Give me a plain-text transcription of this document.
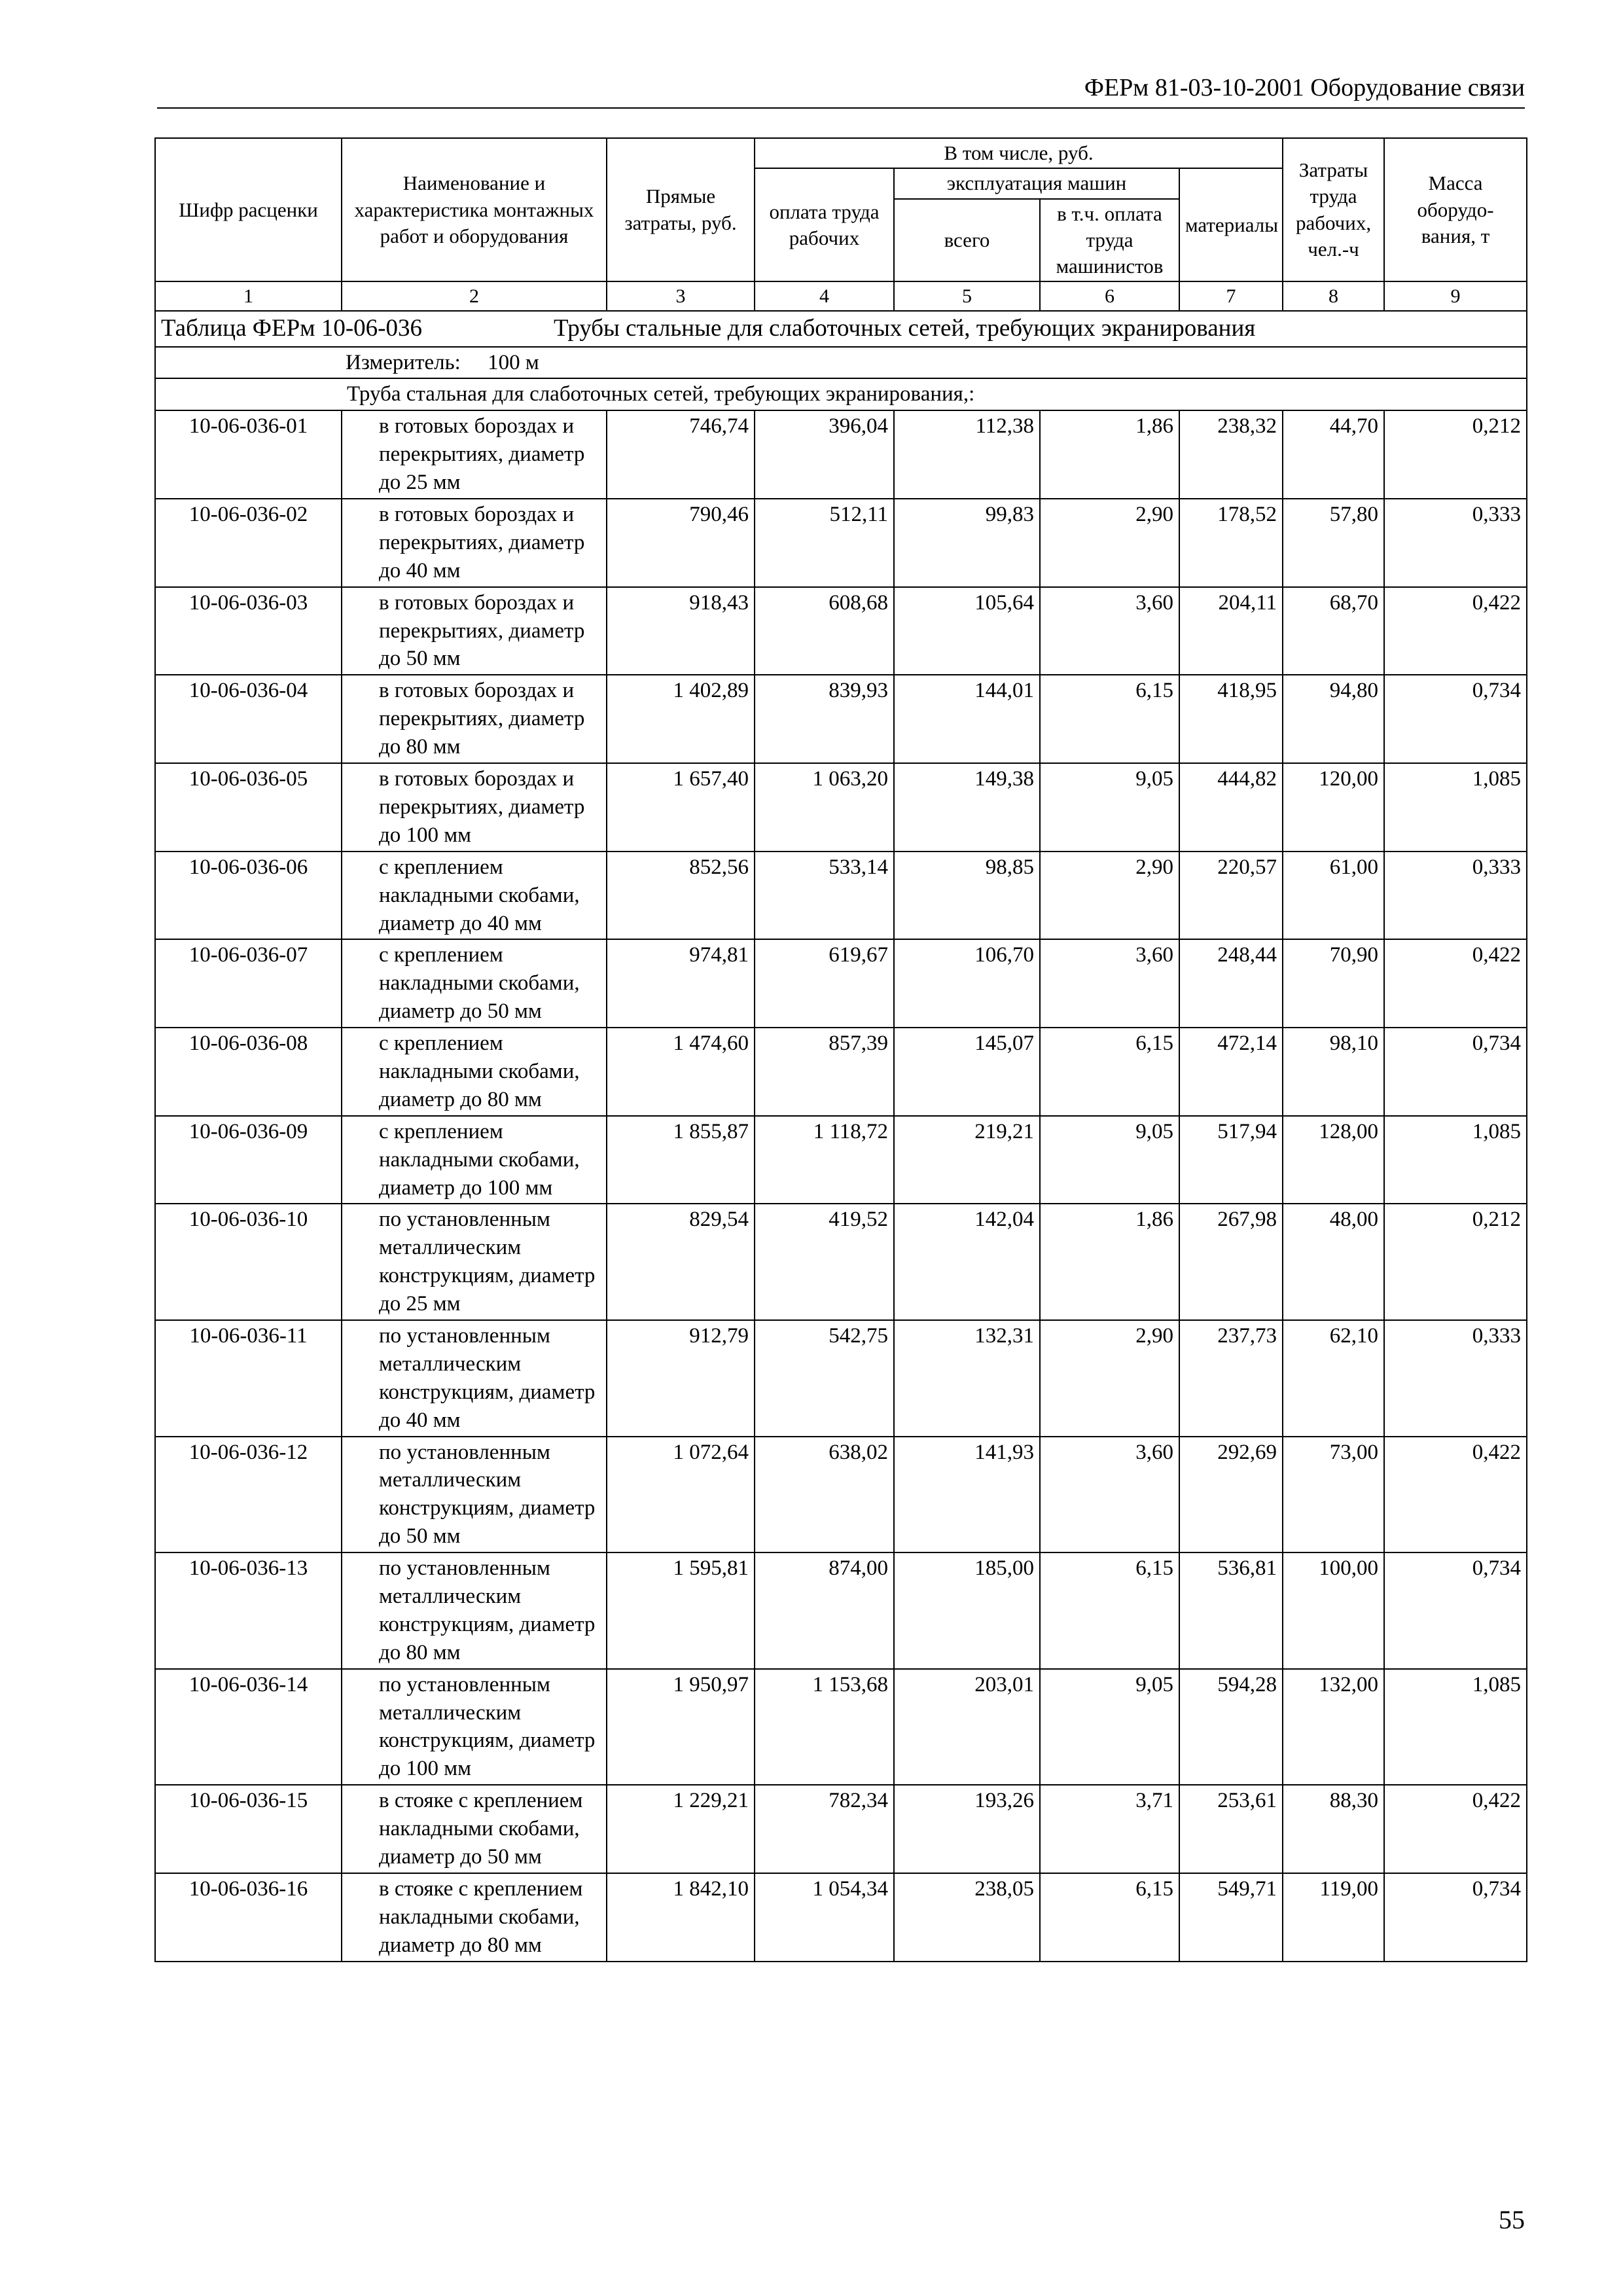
ФЕРм 81-03-10-2001 Оборудование связи
Шифр расценки	Наименование и характеристика монтажных работ и оборудования	Прямые затраты, руб.	В том числе, руб.				Затраты труда рабочих, чел.-ч	Масса оборудо-вания, т
			оплата труда рабочих	эксплуатация машин		материалы		
				всего	в т.ч. оплата труда машинистов			
1	2	3	4	5	6	7	8	9
Таблица ФЕРм 10-06-036 Трубы стальные для слаботочных сетей, требующих экранирования								
Измеритель:     100 м								
Труба стальная для слаботочных сетей, требующих экранирования,:								
10-06-036-01	в готовых бороздах и перекрытиях, диаметр до 25 мм	746,74	396,04	112,38	1,86	238,32	44,70	0,212
10-06-036-02	в готовых бороздах и перекрытиях, диаметр до 40 мм	790,46	512,11	99,83	2,90	178,52	57,80	0,333
10-06-036-03	в готовых бороздах и перекрытиях, диаметр до 50 мм	918,43	608,68	105,64	3,60	204,11	68,70	0,422
10-06-036-04	в готовых бороздах и перекрытиях, диаметр до 80 мм	1 402,89	839,93	144,01	6,15	418,95	94,80	0,734
10-06-036-05	в готовых бороздах и перекрытиях, диаметр до 100 мм	1 657,40	1 063,20	149,38	9,05	444,82	120,00	1,085
10-06-036-06	с креплением накладными скобами, диаметр до 40 мм	852,56	533,14	98,85	2,90	220,57	61,00	0,333
10-06-036-07	с креплением накладными скобами, диаметр до 50 мм	974,81	619,67	106,70	3,60	248,44	70,90	0,422
10-06-036-08	с креплением накладными скобами, диаметр до 80 мм	1 474,60	857,39	145,07	6,15	472,14	98,10	0,734
10-06-036-09	с креплением накладными скобами, диаметр до 100 мм	1 855,87	1 118,72	219,21	9,05	517,94	128,00	1,085
10-06-036-10	по установленным металлическим конструкциям, диаметр до 25 мм	829,54	419,52	142,04	1,86	267,98	48,00	0,212
10-06-036-11	по установленным металлическим конструкциям, диаметр до 40 мм	912,79	542,75	132,31	2,90	237,73	62,10	0,333
10-06-036-12	по установленным металлическим конструкциям, диаметр до 50 мм	1 072,64	638,02	141,93	3,60	292,69	73,00	0,422
10-06-036-13	по установленным металлическим конструкциям, диаметр до 80 мм	1 595,81	874,00	185,00	6,15	536,81	100,00	0,734
10-06-036-14	по установленным металлическим конструкциям, диаметр до 100 мм	1 950,97	1 153,68	203,01	9,05	594,28	132,00	1,085
10-06-036-15	в стояке с креплением накладными скобами, диаметр до 50 мм	1 229,21	782,34	193,26	3,71	253,61	88,30	0,422
10-06-036-16	в стояке с креплением накладными скобами, диаметр до 80 мм	1 842,10	1 054,34	238,05	6,15	549,71	119,00	0,734
55
